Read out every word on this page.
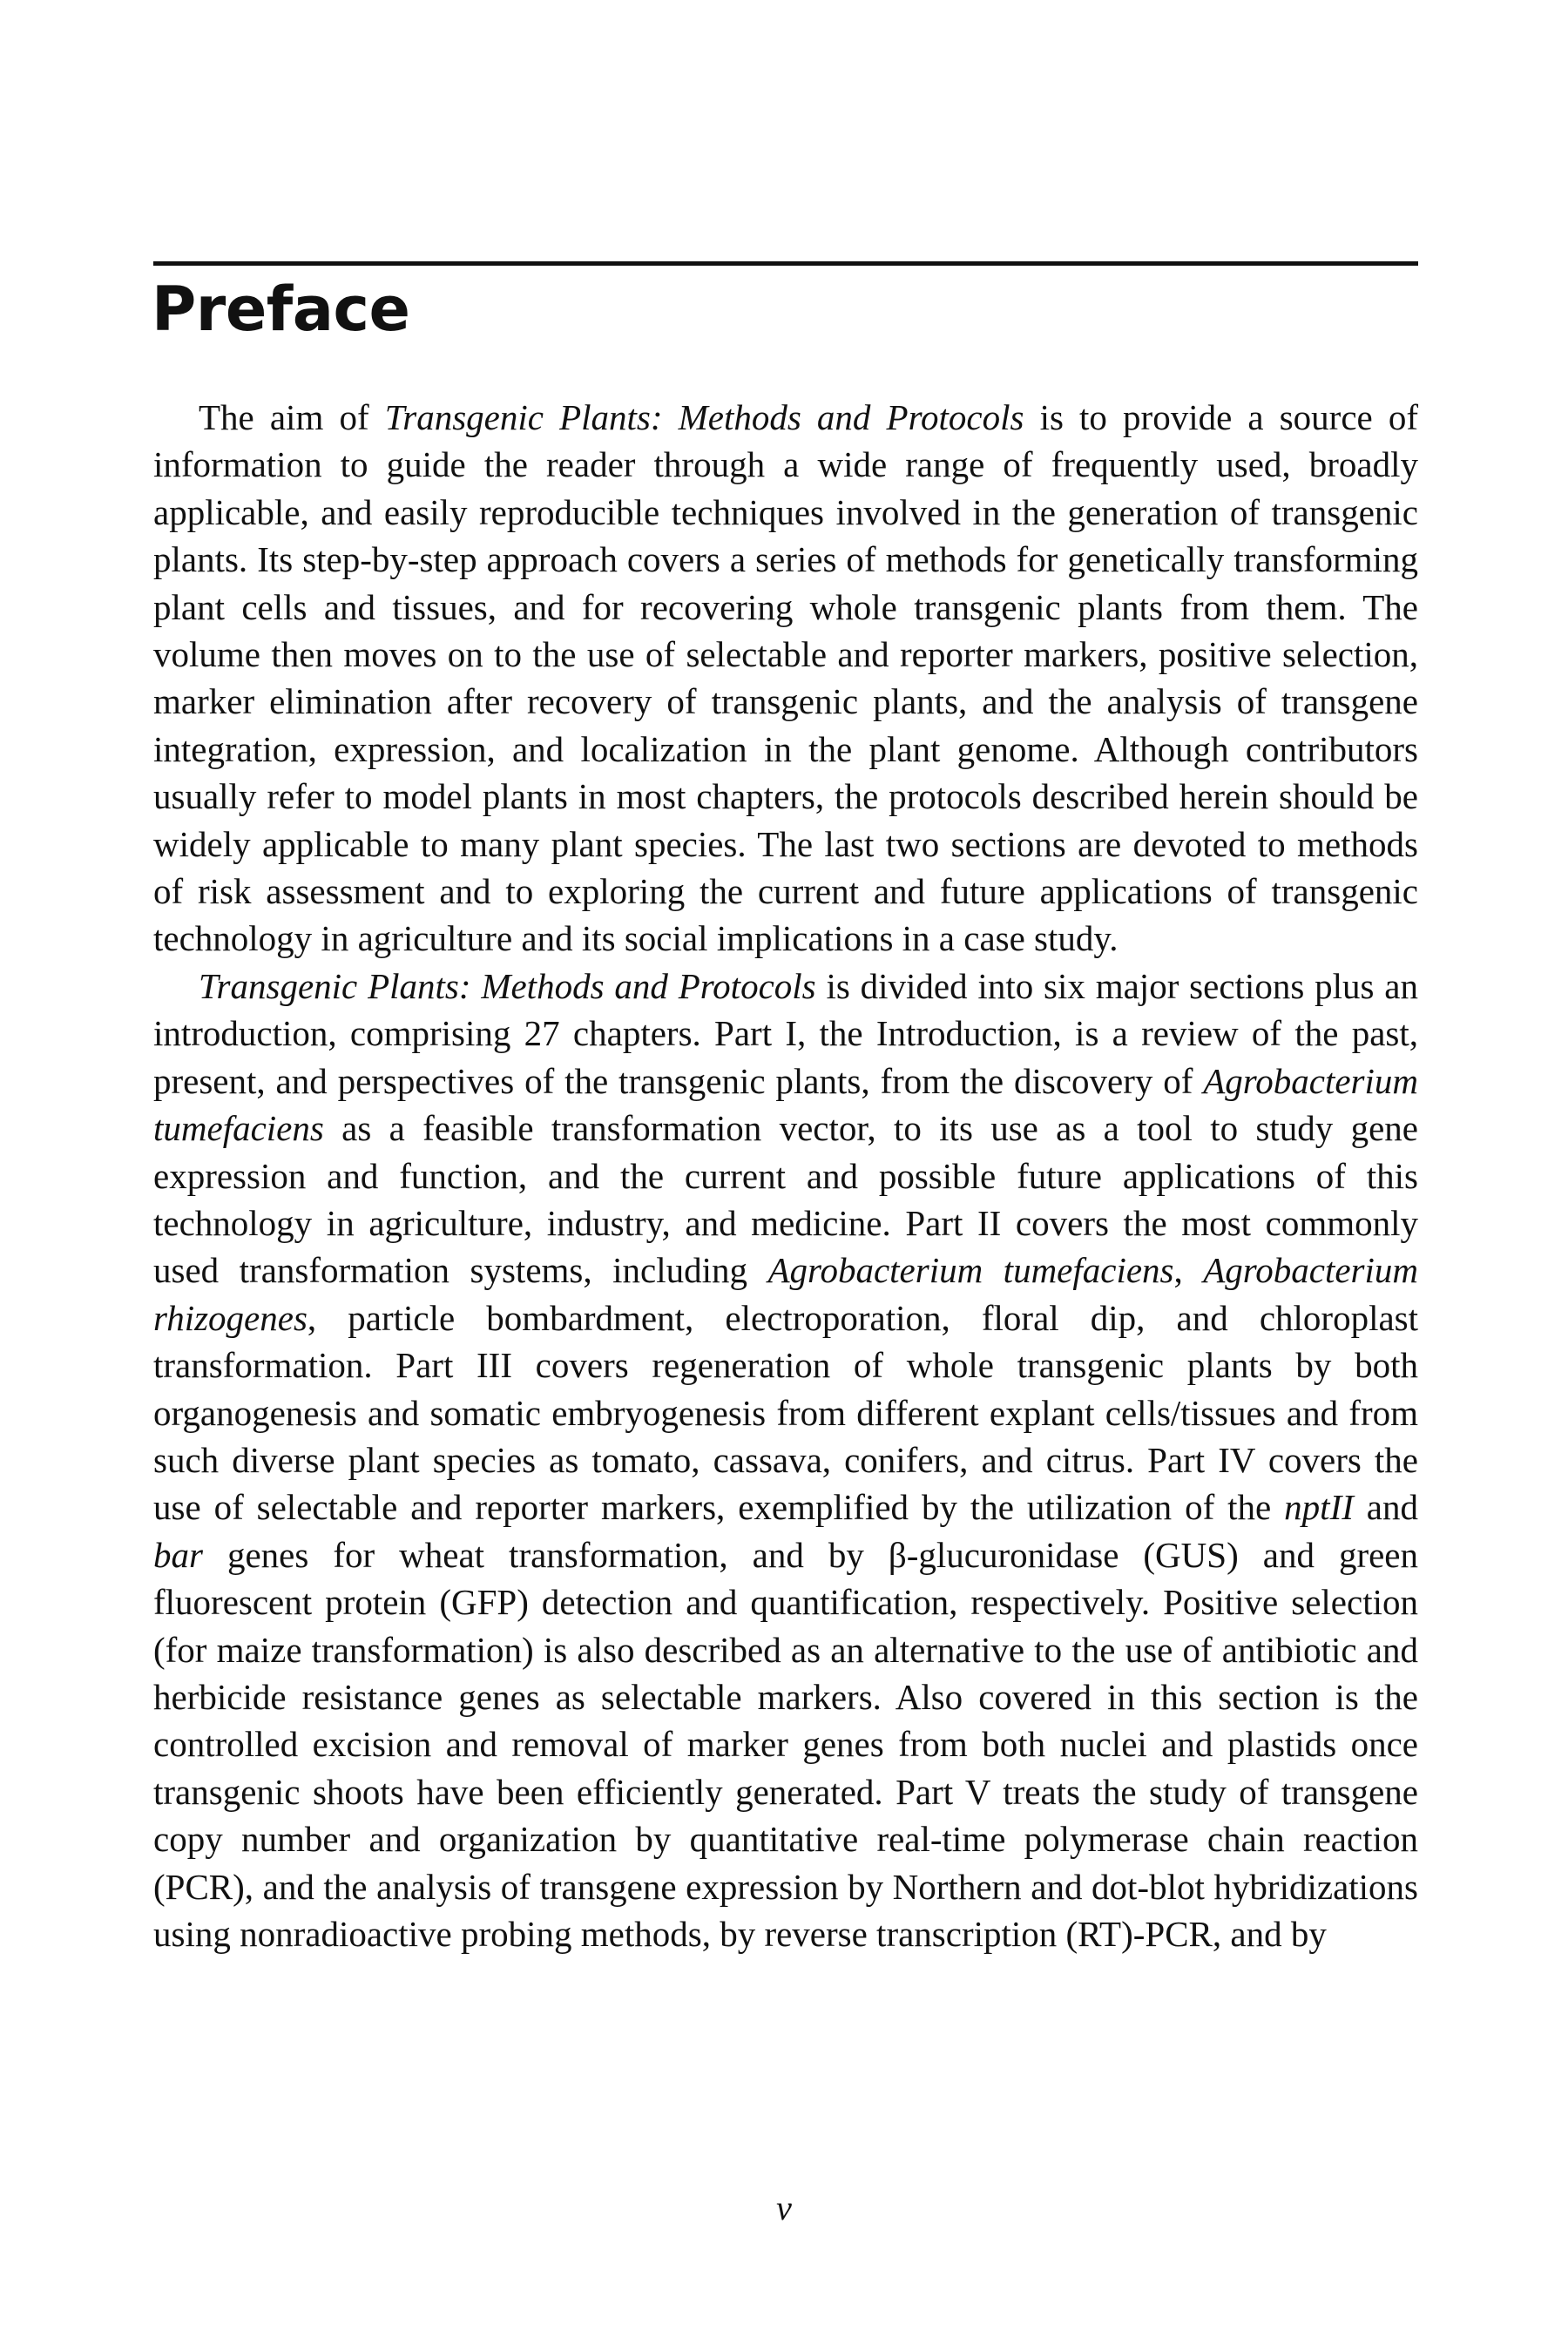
Preface

The aim of Transgenic Plants: Methods and Protocols is to provide a source of information to guide the reader through a wide range of frequently used, broadly applicable, and easily reproducible techniques involved in the generation of transgenic plants. Its step-by-step approach covers a series of methods for genetically transforming plant cells and tissues, and for recovering whole transgenic plants from them. The volume then moves on to the use of selectable and reporter markers, positive selection, marker elimination after recovery of transgenic plants, and the analysis of transgene integration, expression, and localization in the plant genome. Although contributors usually refer to model plants in most chapters, the protocols described herein should be widely applicable to many plant species. The last two sections are devoted to methods of risk assessment and to exploring the current and future applications of transgenic technology in agriculture and its social implications in a case study.

Transgenic Plants: Methods and Protocols is divided into six major sections plus an introduction, comprising 27 chapters. Part I, the Introduction, is a review of the past, present, and perspectives of the transgenic plants, from the discovery of Agrobacterium tumefaciens as a feasible transformation vector, to its use as a tool to study gene expression and function, and the current and possible future applications of this technology in agriculture, industry, and medicine. Part II covers the most commonly used transformation systems, including Agrobacterium tumefaciens, Agrobacterium rhizogenes, particle bombardment, electroporation, floral dip, and chloroplast transformation. Part III covers regeneration of whole transgenic plants by both organogenesis and somatic embryogenesis from different explant cells/tissues and from such diverse plant species as tomato, cassava, conifers, and citrus. Part IV covers the use of selectable and reporter markers, exemplified by the utilization of the nptII and bar genes for wheat transformation, and by β-glucuronidase (GUS) and green fluorescent protein (GFP) detection and quantification, respectively. Positive selection (for maize transformation) is also described as an alternative to the use of antibiotic and herbicide resistance genes as selectable markers. Also covered in this section is the controlled excision and removal of marker genes from both nuclei and plastids once transgenic shoots have been efficiently generated. Part V treats the study of transgene copy number and organization by quantitative real-time polymerase chain reaction (PCR), and the analysis of transgene expression by Northern and dot-blot hybridizations using nonradioactive probing methods, by reverse transcription (RT)-PCR, and by

v
